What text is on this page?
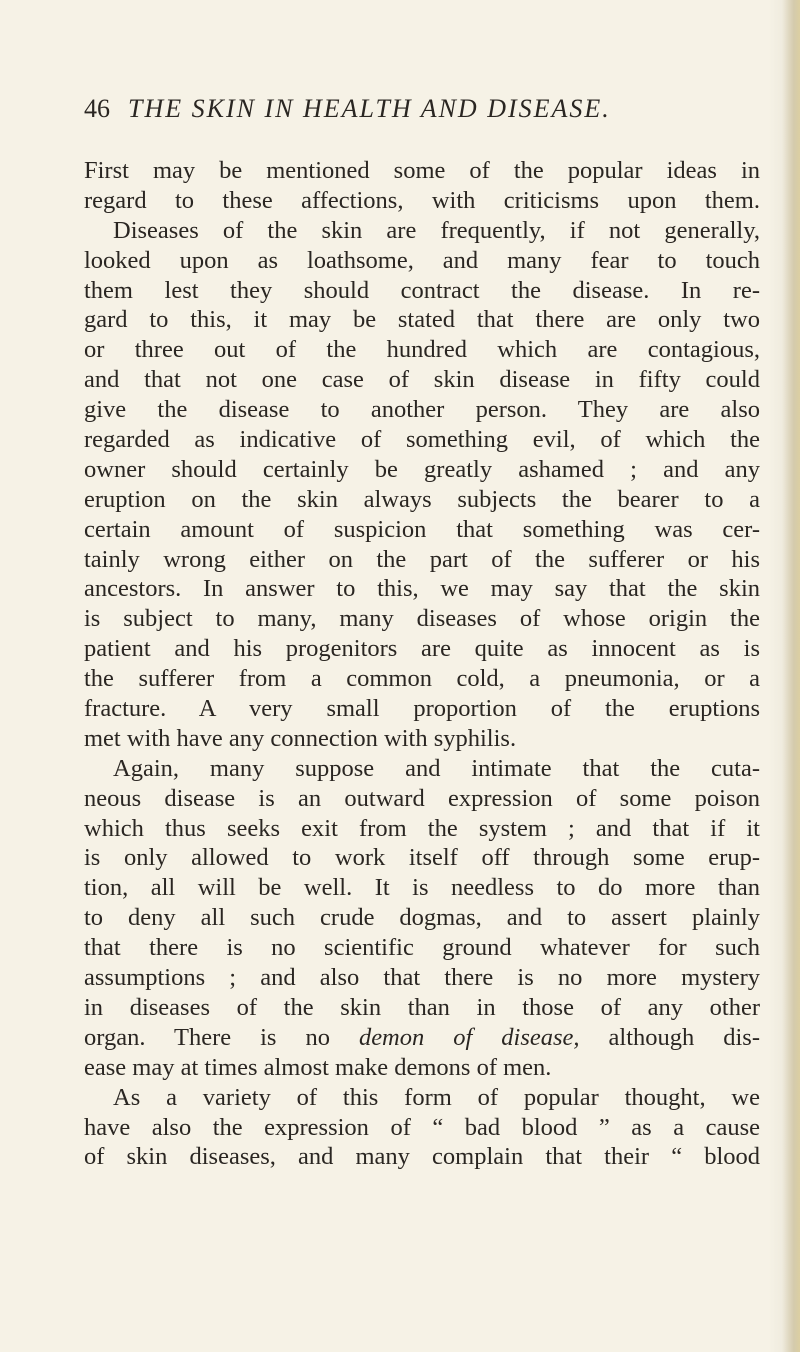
46 THE SKIN IN HEALTH AND DISEASE.
First may be mentioned some of the popular ideas in
regard to these affections, with criticisms upon them.
Diseases of the skin are frequently, if not generally,
looked upon as loathsome, and many fear to touch
them lest they should contract the disease. In re-
gard to this, it may be stated that there are only two
or three out of the hundred which are contagious,
and that not one case of skin disease in fifty could
give the disease to another person. They are also
regarded as indicative of something evil, of which the
owner should certainly be greatly ashamed ; and any
eruption on the skin always subjects the bearer to a
certain amount of suspicion that something was cer-
tainly wrong either on the part of the sufferer or his
ancestors. In answer to this, we may say that the skin
is subject to many, many diseases of whose origin the
patient and his progenitors are quite as innocent as is
the sufferer from a common cold, a pneumonia, or a
fracture. A very small proportion of the eruptions
met with have any connection with syphilis.
Again, many suppose and intimate that the cuta-
neous disease is an outward expression of some poison
which thus seeks exit from the system ; and that if it
is only allowed to work itself off through some erup-
tion, all will be well. It is needless to do more than
to deny all such crude dogmas, and to assert plainly
that there is no scientific ground whatever for such
assumptions ; and also that there is no more mystery
in diseases of the skin than in those of any other
organ. There is no demon of disease, although dis-
ease may at times almost make demons of men.
As a variety of this form of popular thought, we
have also the expression of “ bad blood ” as a cause
of skin diseases, and many complain that their “ blood
